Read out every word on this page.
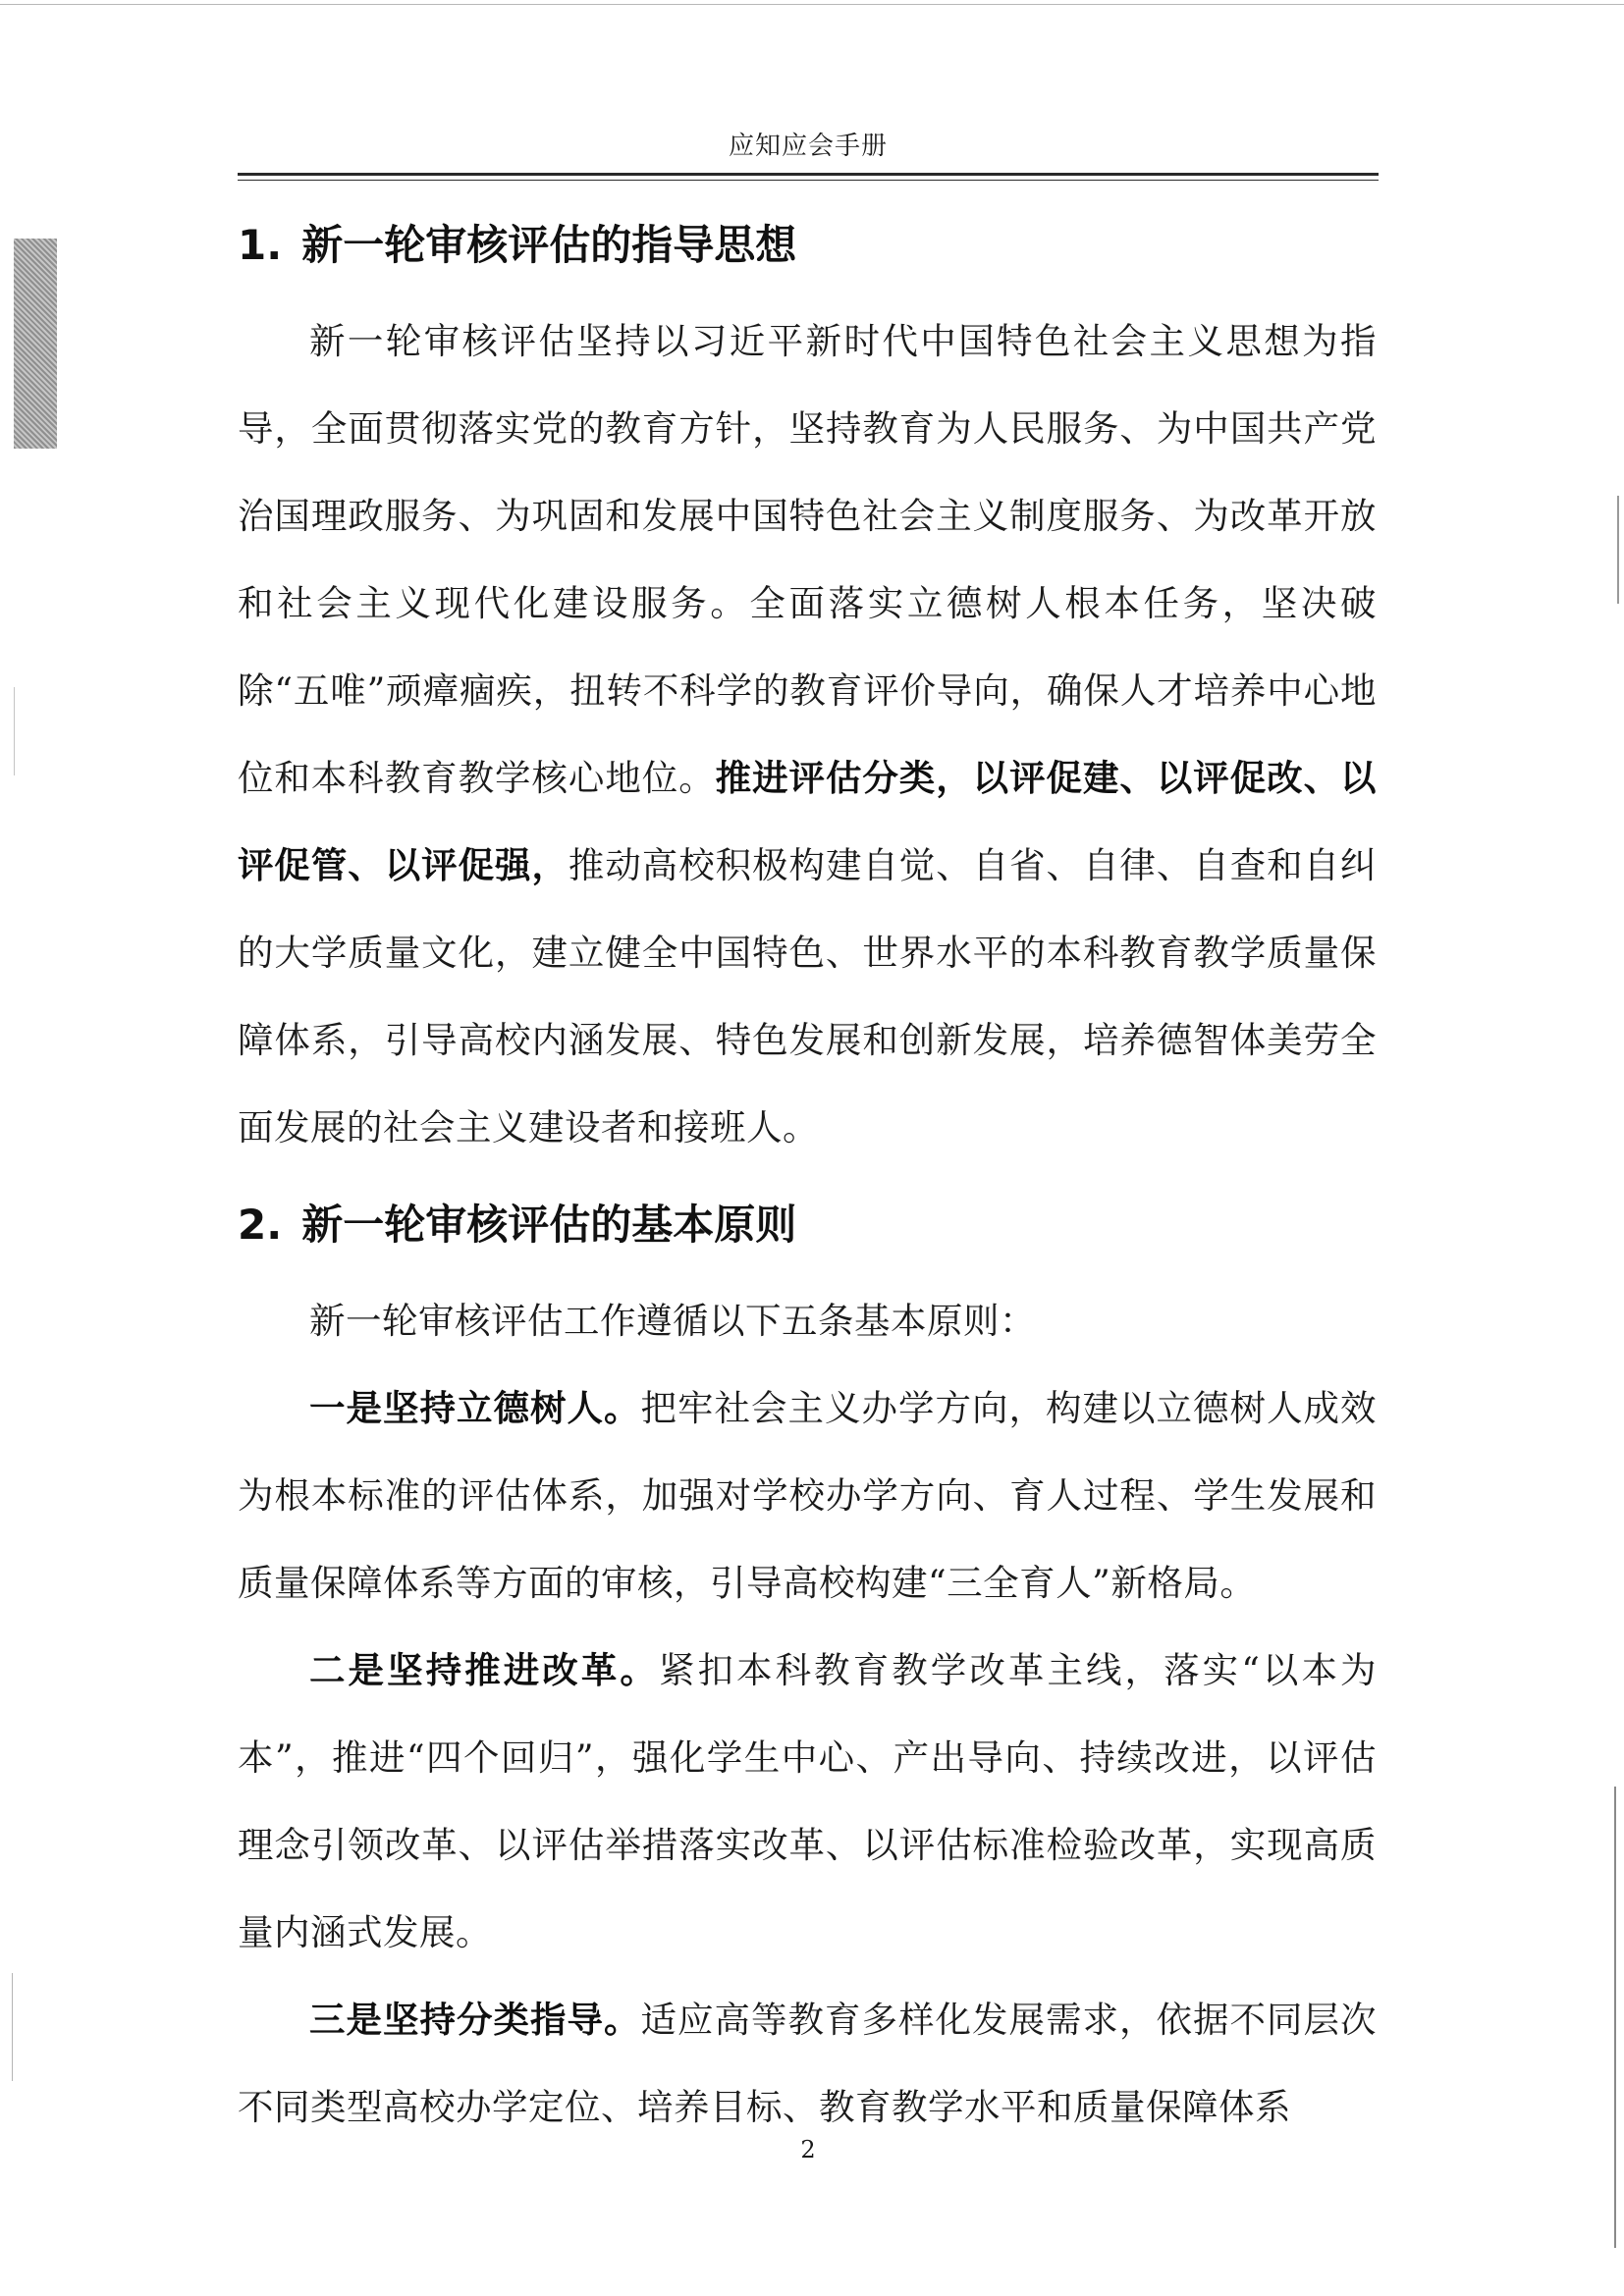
应知应会手册
1. 新一轮审核评估的指导思想

新一轮审核评估坚持以习近平新时代中国特色社会主义思想为指导，全面贯彻落实党的教育方针，坚持教育为人民服务、为中国共产党治国理政服务、为巩固和发展中国特色社会主义制度服务、为改革开放和社会主义现代化建设服务。全面落实立德树人根本任务，坚决破除“五唯”顽瘴痼疾，扭转不科学的教育评价导向，确保人才培养中心地位和本科教育教学核心地位。推进评估分类，以评促建、以评促改、以评促管、以评促强，推动高校积极构建自觉、自省、自律、自查和自纠的大学质量文化，建立健全中国特色、世界水平的本科教育教学质量保障体系，引导高校内涵发展、特色发展和创新发展，培养德智体美劳全面发展的社会主义建设者和接班人。

2. 新一轮审核评估的基本原则

新一轮审核评估工作遵循以下五条基本原则：

一是坚持立德树人。把牢社会主义办学方向，构建以立德树人成效为根本标准的评估体系，加强对学校办学方向、育人过程、学生发展和质量保障体系等方面的审核，引导高校构建“三全育人”新格局。

二是坚持推进改革。紧扣本科教育教学改革主线，落实“以本为本”，推进“四个回归”，强化学生中心、产出导向、持续改进，以评估理念引领改革、以评估举措落实改革、以评估标准检验改革，实现高质量内涵式发展。

三是坚持分类指导。适应高等教育多样化发展需求，依据不同层次不同类型高校办学定位、培养目标、教育教学水平和质量保障体系

2
